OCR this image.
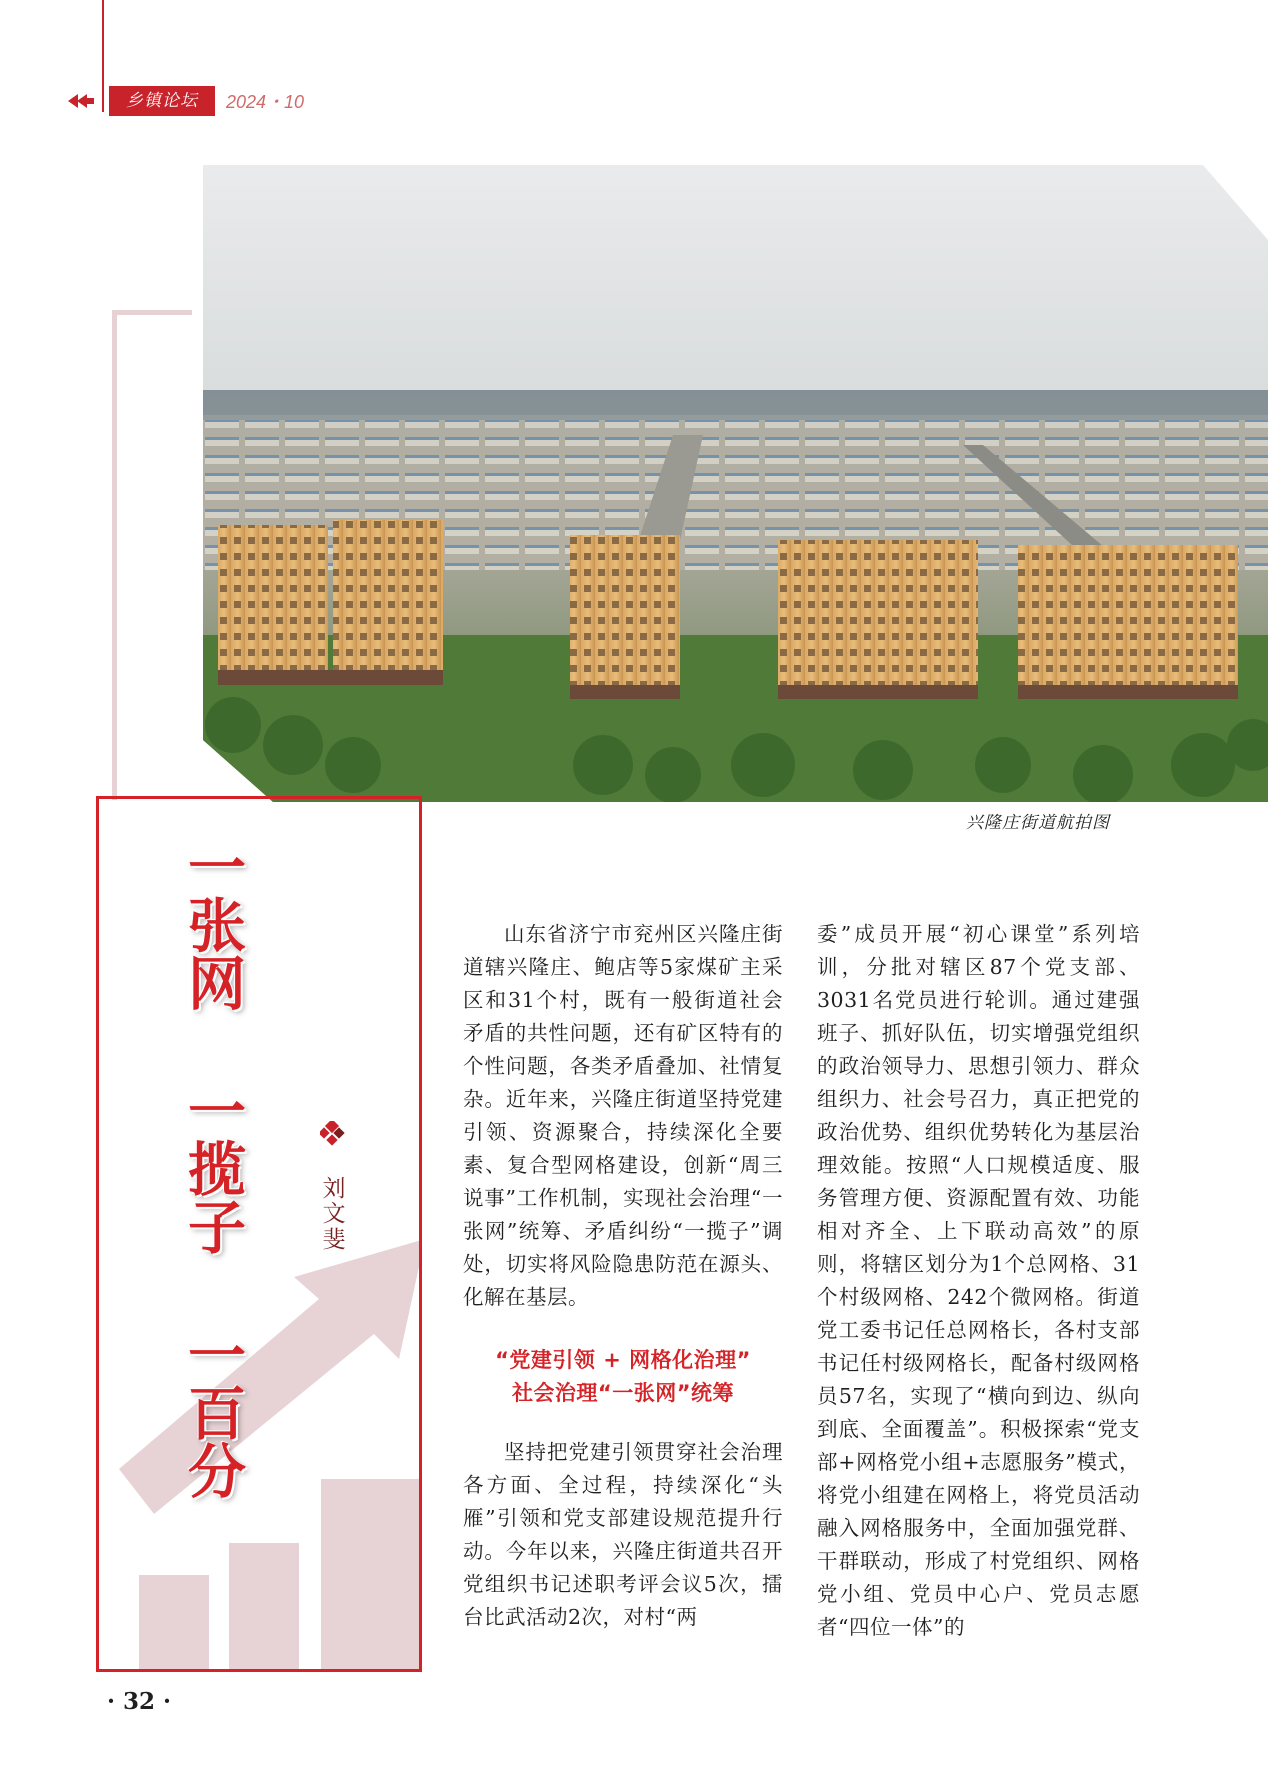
乡镇论坛	2024・10
兴隆庄街道航拍图
一张网
一揽子
一百分
刘文斐

山东省济宁市兖州区兴隆庄街道辖兴隆庄、鲍店等5家煤矿主采区和31个村，既有一般街道社会矛盾的共性问题，还有矿区特有的个性问题，各类矛盾叠加、社情复杂。近年来，兴隆庄街道坚持党建引领、资源聚合，持续深化全要素、复合型网格建设，创新“周三说事”工作机制，实现社会治理“一张网”统筹、矛盾纠纷“一揽子”调处，切实将风险隐患防范在源头、化解在基层。

“党建引领 + 网格化治理”
社会治理“一张网”统筹

坚持把党建引领贯穿社会治理各方面、全过程，持续深化“头雁”引领和党支部建设规范提升行动。今年以来，兴隆庄街道共召开党组织书记述职考评会议5次，擂台比武活动2次，对村“两

委”成员开展“初心课堂”系列培训，分批对辖区87个党支部、3031名党员进行轮训。通过建强班子、抓好队伍，切实增强党组织的政治领导力、思想引领力、群众组织力、社会号召力，真正把党的政治优势、组织优势转化为基层治理效能。按照“人口规模适度、服务管理方便、资源配置有效、功能相对齐全、上下联动高效”的原则，将辖区划分为1个总网格、31个村级网格、242个微网格。街道党工委书记任总网格长，各村支部书记任村级网格长，配备村级网格员57名，实现了“横向到边、纵向到底、全面覆盖”。积极探索“党支部+网格党小组+志愿服务”模式，将党小组建在网格上，将党员活动融入网格服务中，全面加强党群、干群联动，形成了村党组织、网格党小组、党员中心户、党员志愿者“四位一体”的

· 32 ·
